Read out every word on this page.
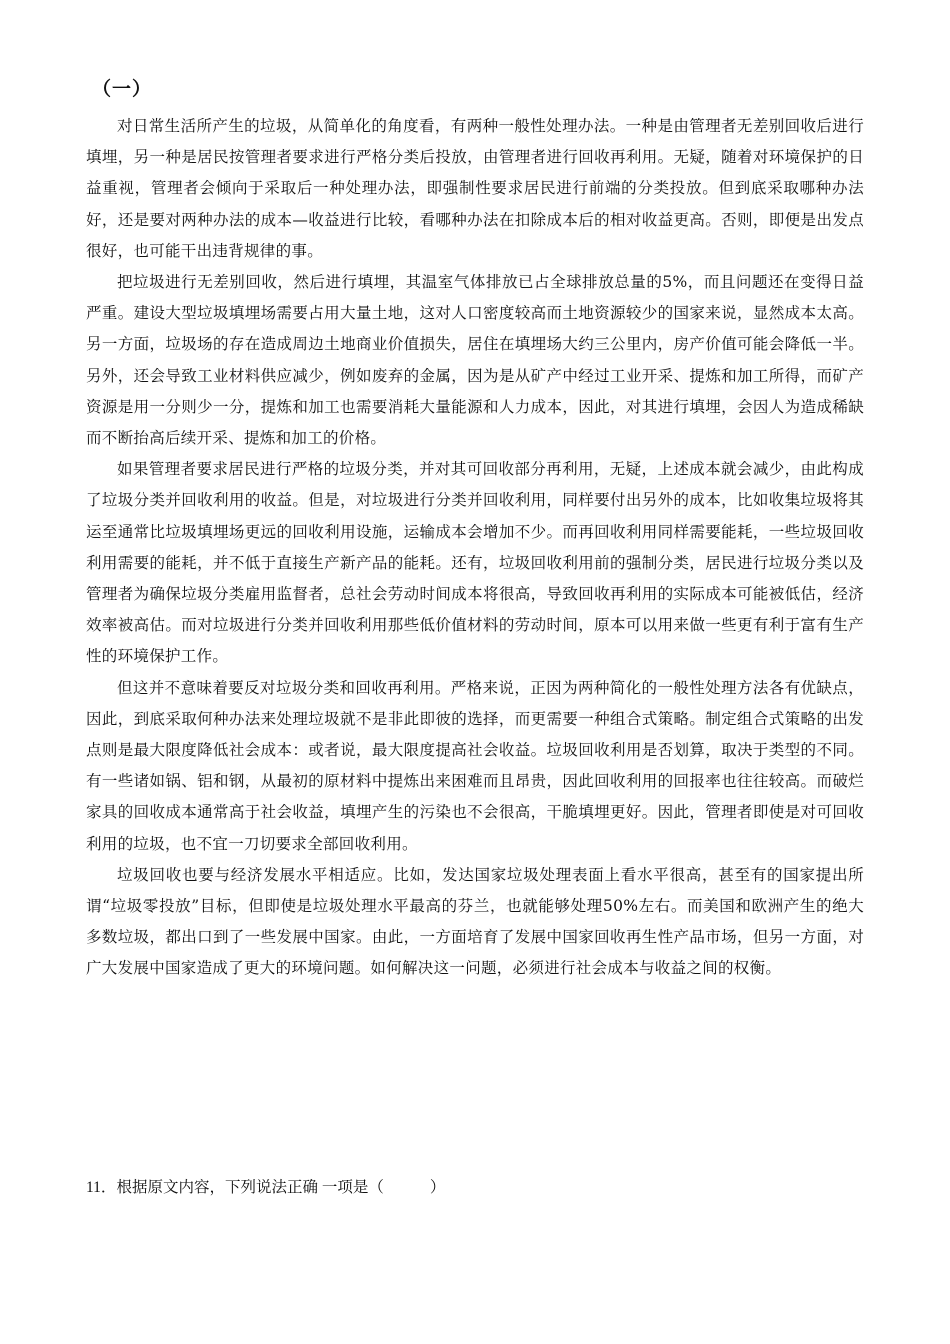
（一）

对日常生活所产生的垃圾，从简单化的角度看，有两种一般性处理办法。一种是由管理者无差别回收后进行填埋，另一种是居民按管理者要求进行严格分类后投放，由管理者进行回收再利用。无疑，随着对环境保护的日益重视，管理者会倾向于采取后一种处理办法，即强制性要求居民进行前端的分类投放。但到底采取哪种办法好，还是要对两种办法的成本—收益进行比较，看哪种办法在扣除成本后的相对收益更高。否则，即便是出发点很好，也可能干出违背规律的事。

把垃圾进行无差别回收，然后进行填埋，其温室气体排放已占全球排放总量的5%，而且问题还在变得日益严重。建设大型垃圾填埋场需要占用大量土地，这对人口密度较高而土地资源较少的国家来说，显然成本太高。另一方面，垃圾场的存在造成周边土地商业价值损失，居住在填埋场大约三公里内，房产价值可能会降低一半。另外，还会导致工业材料供应减少，例如废弃的金属，因为是从矿产中经过工业开采、提炼和加工所得，而矿产资源是用一分则少一分，提炼和加工也需要消耗大量能源和人力成本，因此，对其进行填埋，会因人为造成稀缺而不断抬高后续开采、提炼和加工的价格。

如果管理者要求居民进行严格的垃圾分类，并对其可回收部分再利用，无疑，上述成本就会减少，由此构成了垃圾分类并回收利用的收益。但是，对垃圾进行分类并回收利用，同样要付出另外的成本，比如收集垃圾将其运至通常比垃圾填埋场更远的回收利用设施，运输成本会增加不少。而再回收利用同样需要能耗，一些垃圾回收利用需要的能耗，并不低于直接生产新产品的能耗。还有，垃圾回收利用前的强制分类，居民进行垃圾分类以及管理者为确保垃圾分类雇用监督者，总社会劳动时间成本将很高，导致回收再利用的实际成本可能被低估，经济效率被高估。而对垃圾进行分类并回收利用那些低价值材料的劳动时间，原本可以用来做一些更有利于富有生产性的环境保护工作。

但这并不意味着要反对垃圾分类和回收再利用。严格来说，正因为两种简化的一般性处理方法各有优缺点，因此，到底采取何种办法来处理垃圾就不是非此即彼的选择，而更需要一种组合式策略。制定组合式策略的出发点则是最大限度降低社会成本：或者说，最大限度提高社会收益。垃圾回收利用是否划算，取决于类型的不同。有一些诸如锅、铝和钢，从最初的原材料中提炼出来困难而且昂贵，因此回收利用的回报率也往往较高。而破烂家具的回收成本通常高于社会收益，填埋产生的污染也不会很高，干脆填埋更好。因此，管理者即使是对可回收利用的垃圾，也不宜一刀切要求全部回收利用。

垃圾回收也要与经济发展水平相适应。比如，发达国家垃圾处理表面上看水平很高，甚至有的国家提出所谓“垃圾零投放”目标，但即使是垃圾处理水平最高的芬兰，也就能够处理50%左右。而美国和欧洲产生的绝大多数垃圾，都出口到了一些发展中国家。由此，一方面培育了发展中国家回收再生性产品市场，但另一方面，对广大发展中国家造成了更大的环境问题。如何解决这一问题，必须进行社会成本与收益之间的权衡。

11．根据原文内容，下列说法正确 一项是（	）
